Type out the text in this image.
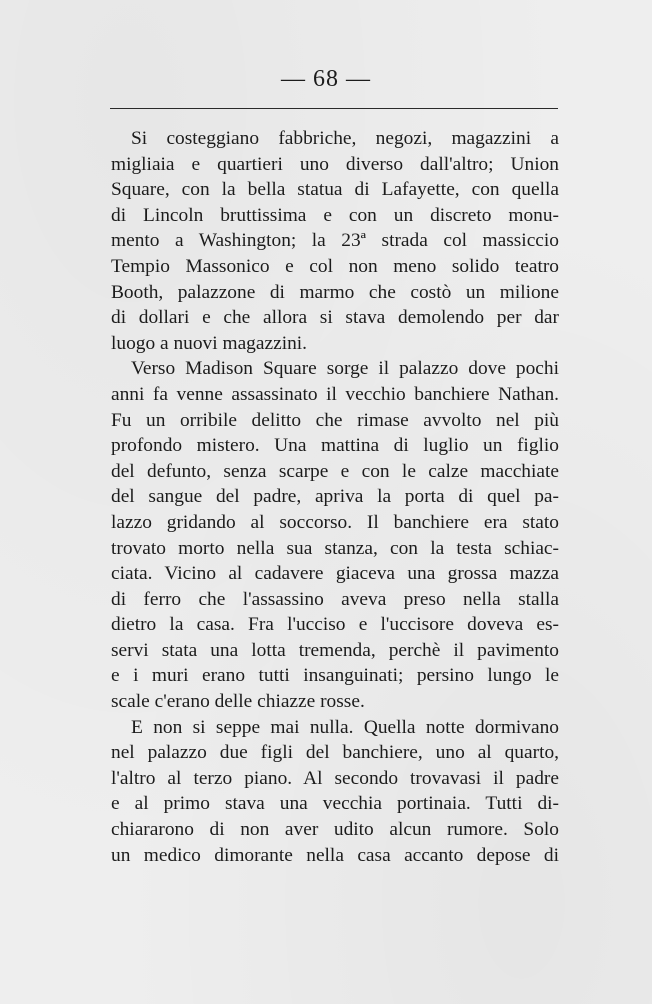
— 68 —
Si costeggiano fabbriche, negozi, magazzini a
migliaia e quartieri uno diverso dall'altro; Union
Square, con la bella statua di Lafayette, con quella
di Lincoln bruttissima e con un discreto monu-
mento a Washington; la 23ª strada col massiccio
Tempio Massonico e col non meno solido teatro
Booth, palazzone di marmo che costò un milione
di dollari e che allora si stava demolendo per dar
luogo a nuovi magazzini.
Verso Madison Square sorge il palazzo dove pochi
anni fa venne assassinato il vecchio banchiere Nathan.
Fu un orribile delitto che rimase avvolto nel più
profondo mistero. Una mattina di luglio un figlio
del defunto, senza scarpe e con le calze macchiate
del sangue del padre, apriva la porta di quel pa-
lazzo gridando al soccorso. Il banchiere era stato
trovato morto nella sua stanza, con la testa schiac-
ciata. Vicino al cadavere giaceva una grossa mazza
di ferro che l'assassino aveva preso nella stalla
dietro la casa. Fra l'ucciso e l'uccisore doveva es-
servi stata una lotta tremenda, perchè il pavimento
e i muri erano tutti insanguinati; persino lungo le
scale c'erano delle chiazze rosse.
E non si seppe mai nulla. Quella notte dormivano
nel palazzo due figli del banchiere, uno al quarto,
l'altro al terzo piano. Al secondo trovavasi il padre
e al primo stava una vecchia portinaia. Tutti di-
chiararono di non aver udito alcun rumore. Solo
un medico dimorante nella casa accanto depose di
